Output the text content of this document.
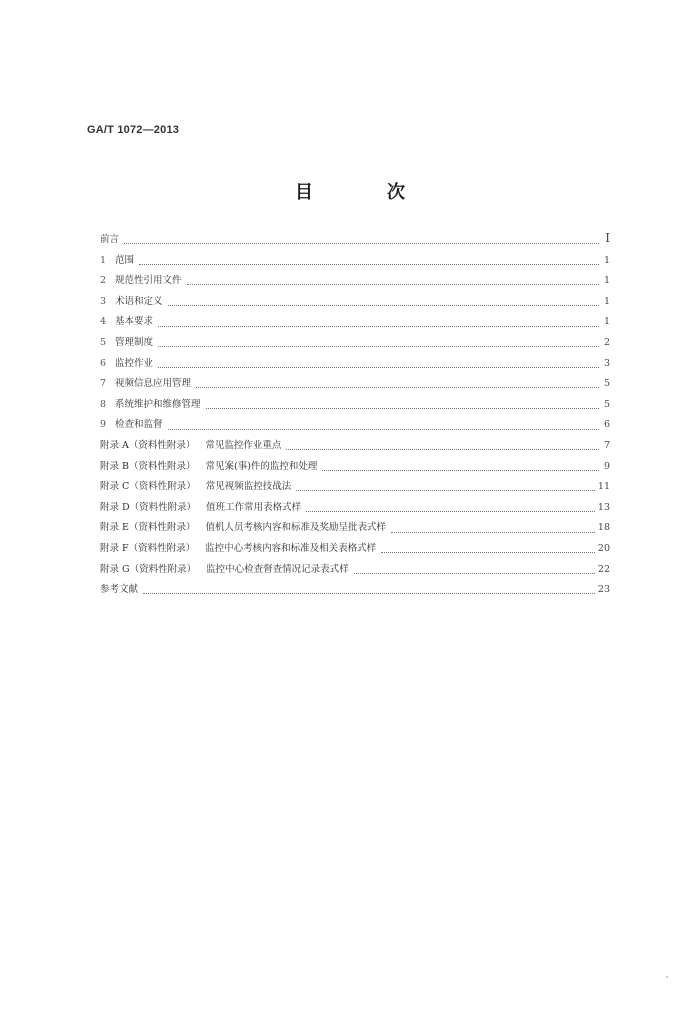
GA/T 1072—2013
目　次
前言	I
1 范围	1
2 规范性引用文件	1
3 术语和定义	1
4 基本要求	1
5 管理制度	2
6 监控作业	3
7 视频信息应用管理	5
8 系统维护和维修管理	5
9 检查和监督	6
附录 A（资料性附录） 常见监控作业重点	7
附录 B（资料性附录） 常见案(事)件的监控和处理	9
附录 C（资料性附录） 常见视频监控技战法	11
附录 D（资料性附录） 值班工作常用表格式样	13
附录 E（资料性附录） 值机人员考核内容和标准及奖励呈批表式样	18
附录 F（资料性附录） 监控中心考核内容和标准及相关表格式样	20
附录 G（资料性附录） 监控中心检查督查情况记录表式样	22
参考文献	23
